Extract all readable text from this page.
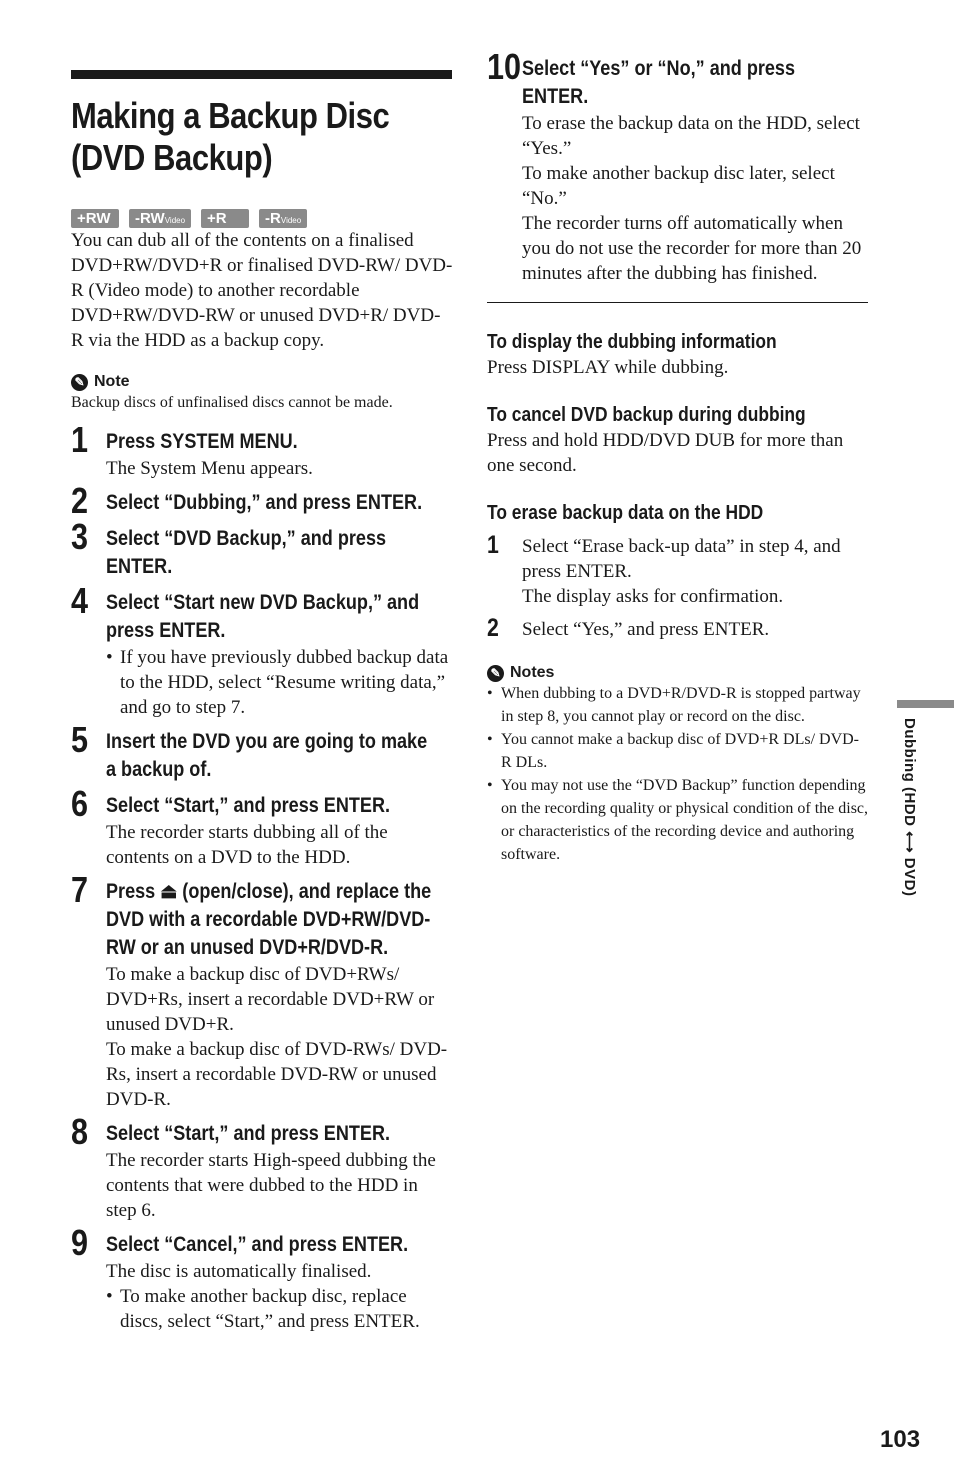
Making a Backup Disc
(DVD Backup)
+RW	-RWVideo	+R	-RVideo

You can dub all of the contents on a finalised DVD+RW/DVD+R or finalised DVD-RW/ DVD-R (Video mode) to another recordable DVD+RW/DVD-RW or unused DVD+R/ DVD-R via the HDD as a backup copy.

✎ Note
Backup discs of unfinalised discs cannot be made.
1 Press SYSTEM MENU.

The System Menu appears.

2 Select “Dubbing,” and press ENTER.

3 Select “DVD Backup,” and press
ENTER.

4 Select “Start new DVD Backup,” and
press ENTER.

• If you have previously dubbed backup data to the HDD, select “Resume writing data,” and go to step 7.

5 Insert the DVD you are going to make
a backup of.

6 Select “Start,” and press ENTER.

The recorder starts dubbing all of the contents on a DVD to the HDD.

7 Press ⏏ (open/close), and replace the
DVD with a recordable DVD+RW/DVD-
RW or an unused DVD+R/DVD-R.

To make a backup disc of DVD+RWs/ DVD+Rs, insert a recordable DVD+RW or unused DVD+R.

To make a backup disc of DVD-RWs/ DVD-Rs, insert a recordable DVD-RW or unused DVD-R.

8 Select “Start,” and press ENTER.

The recorder starts High-speed dubbing the contents that were dubbed to the HDD in step 6.

9 Select “Cancel,” and press ENTER.

The disc is automatically finalised.

• To make another backup disc, replace discs, select “Start,” and press ENTER.

10 Select “Yes” or “No,” and press
ENTER.

To erase the backup data on the HDD, select “Yes.”

To make another backup disc later, select “No.”

The recorder turns off automatically when you do not use the recorder for more than 20 minutes after the dubbing has finished.

To display the dubbing information

Press DISPLAY while dubbing.

To cancel DVD backup during dubbing

Press and hold HDD/DVD DUB for more than one second.

To erase backup data on the HDD

1 Select “Erase back-up data” in step 4, and press ENTER.

The display asks for confirmation.

2 Select “Yes,” and press ENTER.

✎ Notes
• When dubbing to a DVD+R/DVD-R is stopped partway in step 8, you cannot play or record on the disc.
• You cannot make a backup disc of DVD+R DLs/ DVD-R DLs.
• You may not use the “DVD Backup” function depending on the recording quality or physical condition of the disc, or characteristics of the recording device and authoring software.	Dubbing (HDD ⟷ DVD)
103
